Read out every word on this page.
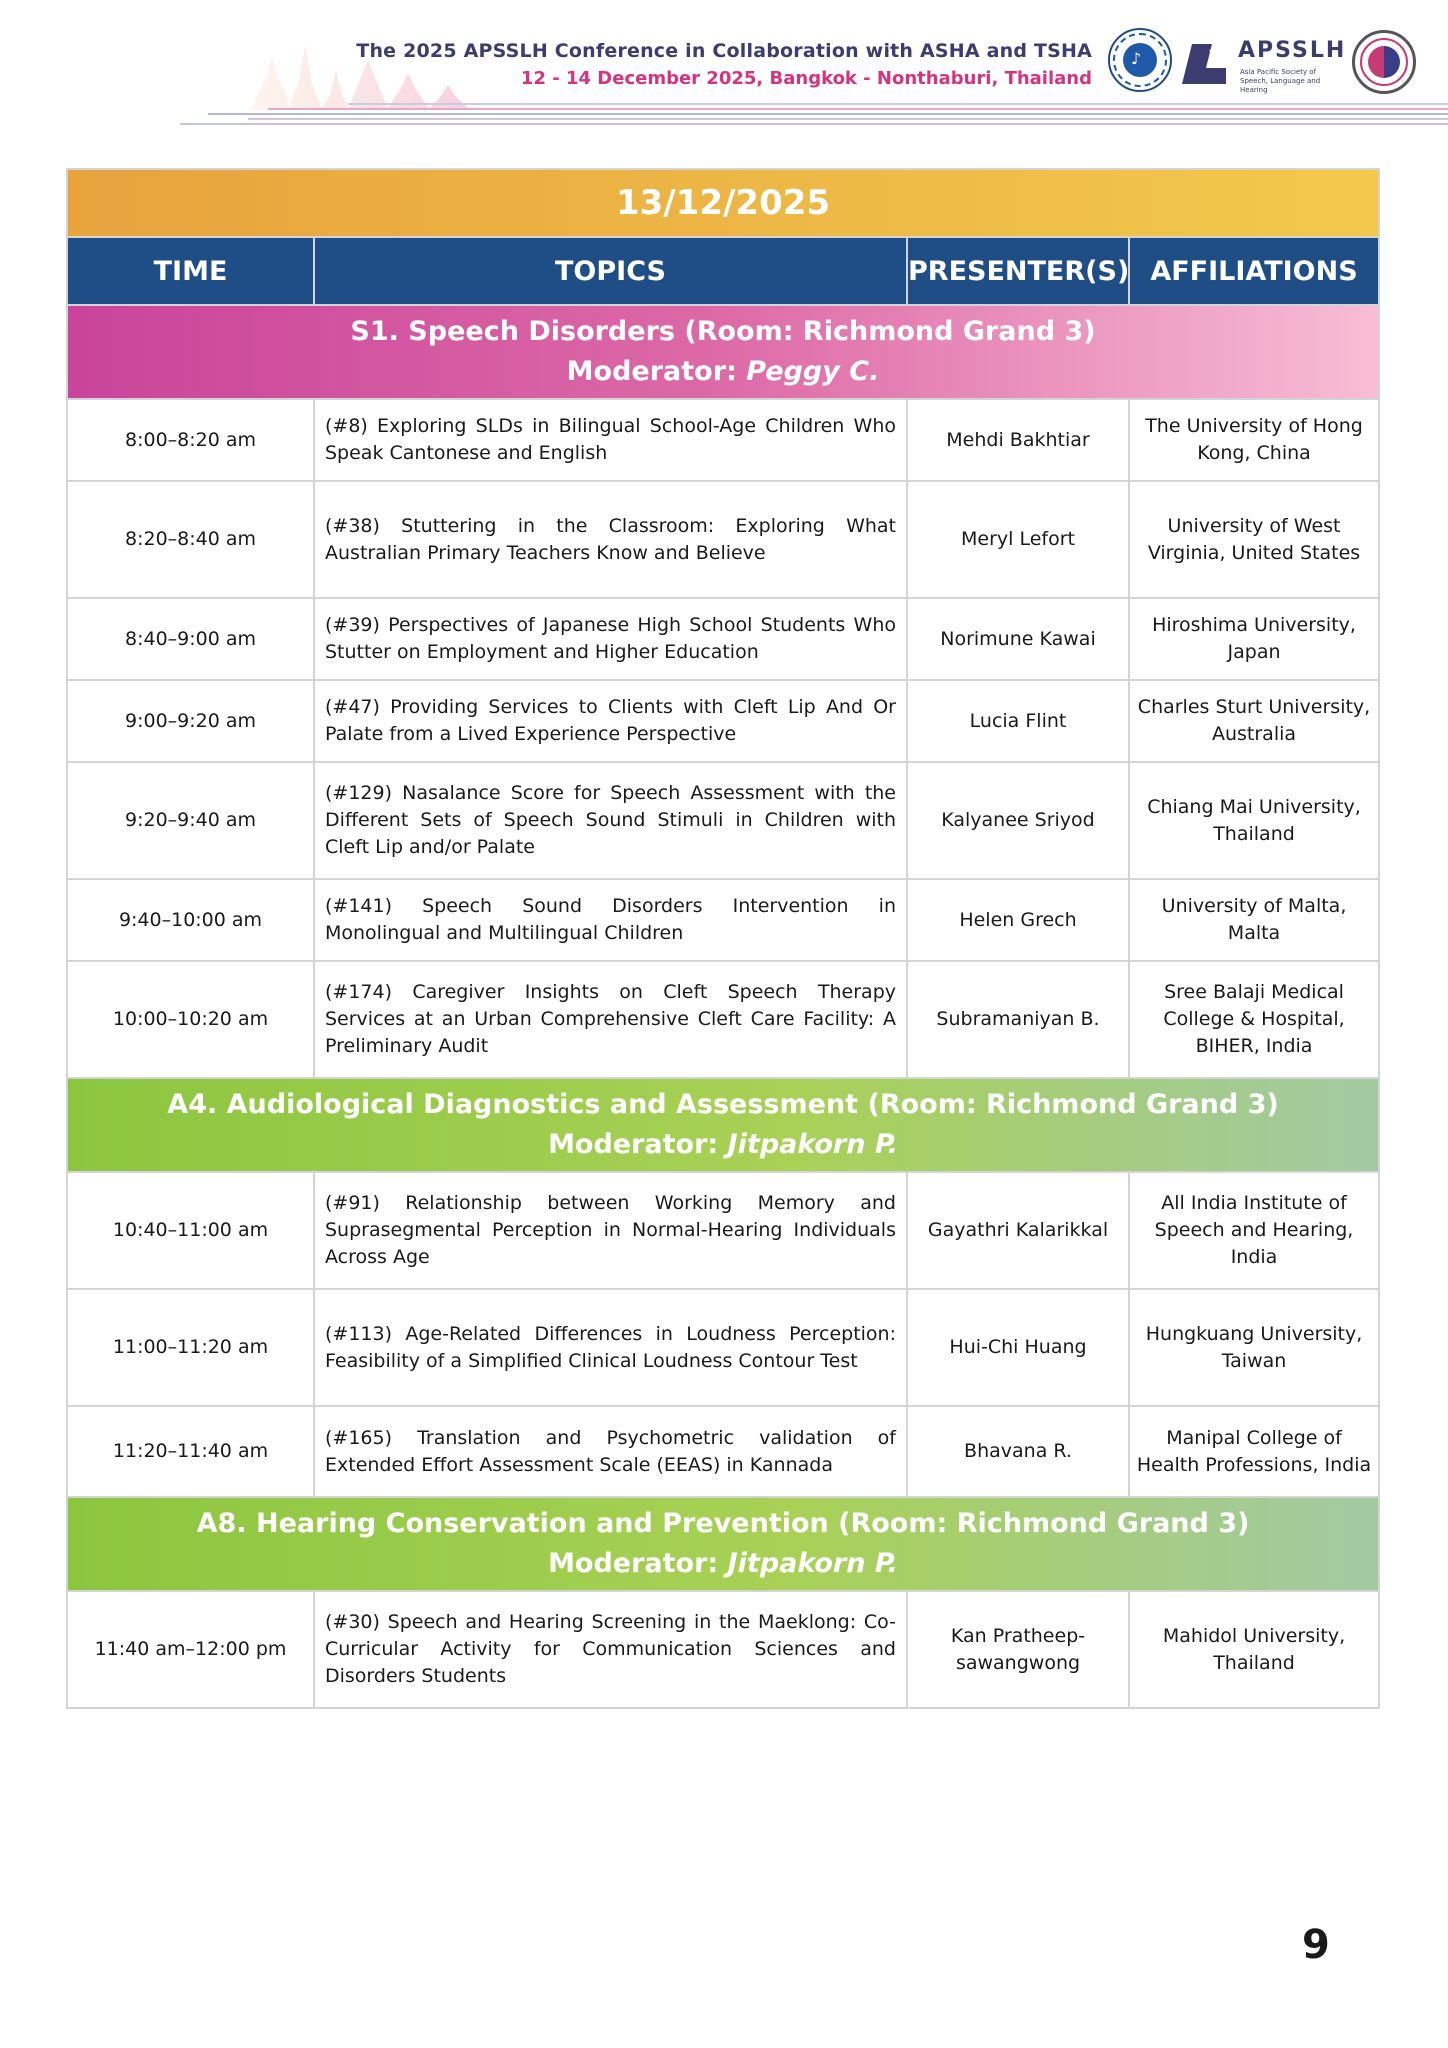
The 2025 APSSLH Conference in Collaboration with ASHA and TSHA
12 - 14 December 2025, Bangkok - Nonthaburi, Thailand
♪	APSSLH
Asia Pacific Society of
Speech, Language and Hearing
13/12/2025			
TIME	TOPICS	PRESENTER(S)	AFFILIATIONS

S1. Speech Disorders (Room: Richmond Grand 3)
Moderator: Peggy C.			

8:00–8:20 am	(#8) Exploring SLDs in Bilingual School-Age Children Who Speak Cantonese and English	Mehdi Bakhtiar	The University of Hong Kong, China
8:20–8:40 am	(#38) Stuttering in the Classroom: Exploring What Australian Primary Teachers Know and Believe	Meryl Lefort	University of West Virginia, United States
8:40–9:00 am	(#39) Perspectives of Japanese High School Students Who Stutter on Employment and Higher Education	Norimune Kawai	Hiroshima University, Japan
9:00–9:20 am	(#47) Providing Services to Clients with Cleft Lip And Or Palate from a Lived Experience Perspective	Lucia Flint	Charles Sturt University, Australia
9:20–9:40 am	(#129) Nasalance Score for Speech Assessment with the Different Sets of Speech Sound Stimuli in Children with Cleft Lip and/or Palate	Kalyanee Sriyod	Chiang Mai University, Thailand
9:40–10:00 am	(#141) Speech Sound Disorders Intervention in Monolingual and Multilingual Children	Helen Grech	University of Malta, Malta
10:00–10:20 am	(#174) Caregiver Insights on Cleft Speech Therapy Services at an Urban Comprehensive Cleft Care Facility: A Preliminary Audit	Subramaniyan B.	Sree Balaji Medical College & Hospital, BIHER, India

A4. Audiological Diagnostics and Assessment (Room: Richmond Grand 3)
Moderator: Jitpakorn P.			

10:40–11:00 am	(#91) Relationship between Working Memory and Suprasegmental Perception in Normal-Hearing Individuals Across Age	Gayathri Kalarikkal	All India Institute of Speech and Hearing, India
11:00–11:20 am	(#113) Age-Related Differences in Loudness Perception: Feasibility of a Simplified Clinical Loudness Contour Test	Hui-Chi Huang	Hungkuang University, Taiwan
11:20–11:40 am	(#165) Translation and Psychometric validation of Extended Effort Assessment Scale (EEAS) in Kannada	Bhavana R.	Manipal College of Health Professions, India

A8. Hearing Conservation and Prevention (Room: Richmond Grand 3)
Moderator: Jitpakorn P.			

11:40 am–12:00 pm	(#30) Speech and Hearing Screening in the Maeklong: Co-Curricular Activity for Communication Sciences and Disorders Students	Kan Pratheep-sawangwong	Mahidol University, Thailand
9
